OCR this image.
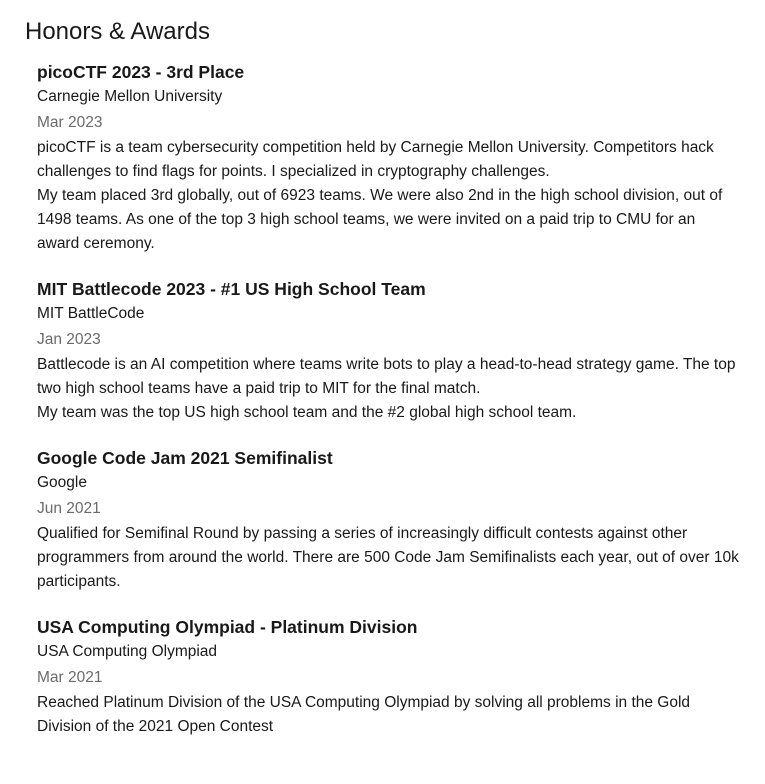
Honors & Awards
picoCTF 2023 - 3rd Place
Carnegie Mellon University
Mar 2023

picoCTF is a team cybersecurity competition held by Carnegie Mellon University. Competitors hack challenges to find flags for points. I specialized in cryptography challenges.

My team placed 3rd globally, out of 6923 teams. We were also 2nd in the high school division, out of 1498 teams. As one of the top 3 high school teams, we were invited on a paid trip to CMU for an award ceremony.

MIT Battlecode 2023 - #1 US High School Team
MIT BattleCode
Jan 2023

Battlecode is an AI competition where teams write bots to play a head-to-head strategy game. The top two high school teams have a paid trip to MIT for the final match.

My team was the top US high school team and the #2 global high school team.

Google Code Jam 2021 Semifinalist
Google
Jun 2021

Qualified for Semifinal Round by passing a series of increasingly difficult contests against other programmers from around the world. There are 500 Code Jam Semifinalists each year, out of over 10k participants.

USA Computing Olympiad - Platinum Division
USA Computing Olympiad
Mar 2021

Reached Platinum Division of the USA Computing Olympiad by solving all problems in the Gold Division of the 2021 Open Contest
